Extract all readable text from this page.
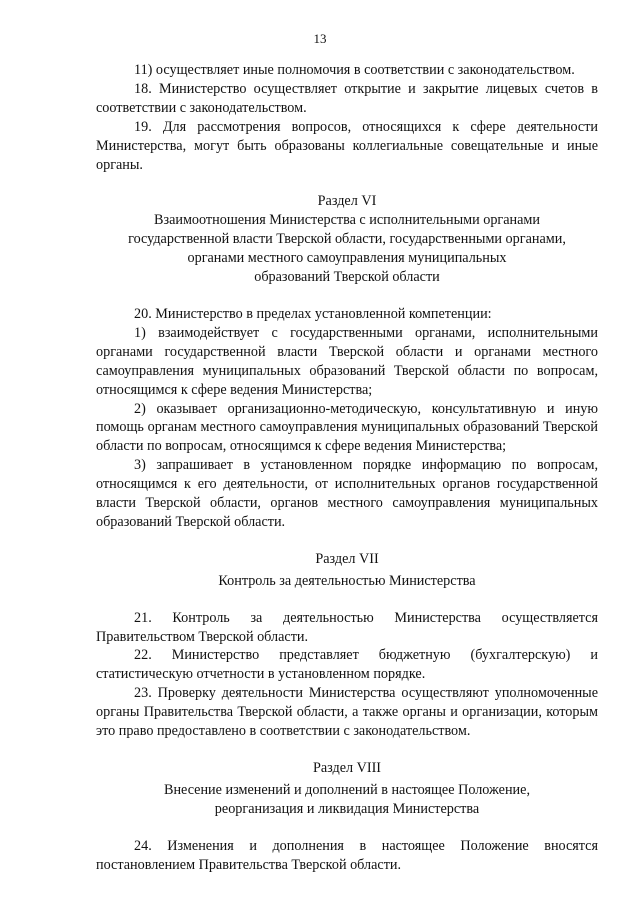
13

11) осуществляет иные полномочия в соответствии с законодательством.

18. Министерство осуществляет открытие и закрытие лицевых счетов в соответствии с законодательством.

19. Для рассмотрения вопросов, относящихся к сфере деятельности Министерства, могут быть образованы коллегиальные совещательные и иные органы.

Раздел VI

Взаимоотношения Министерства с исполнительными органами

государственной власти Тверской области, государственными органами,

органами местного самоуправления муниципальных

образований Тверской области

20. Министерство в пределах установленной компетенции:

1) взаимодействует с государственными органами, исполнительными органами государственной власти Тверской области и органами местного самоуправления муниципальных образований Тверской области по вопросам, относящимся к сфере ведения Министерства;

2) оказывает организационно-методическую, консультативную и иную помощь органам местного самоуправления муниципальных образований Тверской области по вопросам, относящимся к сфере ведения Министерства;

3) запрашивает в установленном порядке информацию по вопросам, относящимся к его деятельности, от исполнительных органов государственной власти Тверской области, органов местного самоуправления муниципальных образований Тверской области.

Раздел VII

Контроль за деятельностью Министерства

21. Контроль за деятельностью Министерства осуществляется Правительством Тверской области.

22. Министерство представляет бюджетную (бухгалтерскую) и статистическую отчетности в установленном порядке.

23. Проверку деятельности Министерства осуществляют уполномоченные органы Правительства Тверской области, а также органы и организации, которым это право предоставлено в соответствии с законодательством.

Раздел VIII

Внесение изменений и дополнений в настоящее Положение,

реорганизация и ликвидация Министерства

24. Изменения и дополнения в настоящее Положение вносятся постановлением Правительства Тверской области.
